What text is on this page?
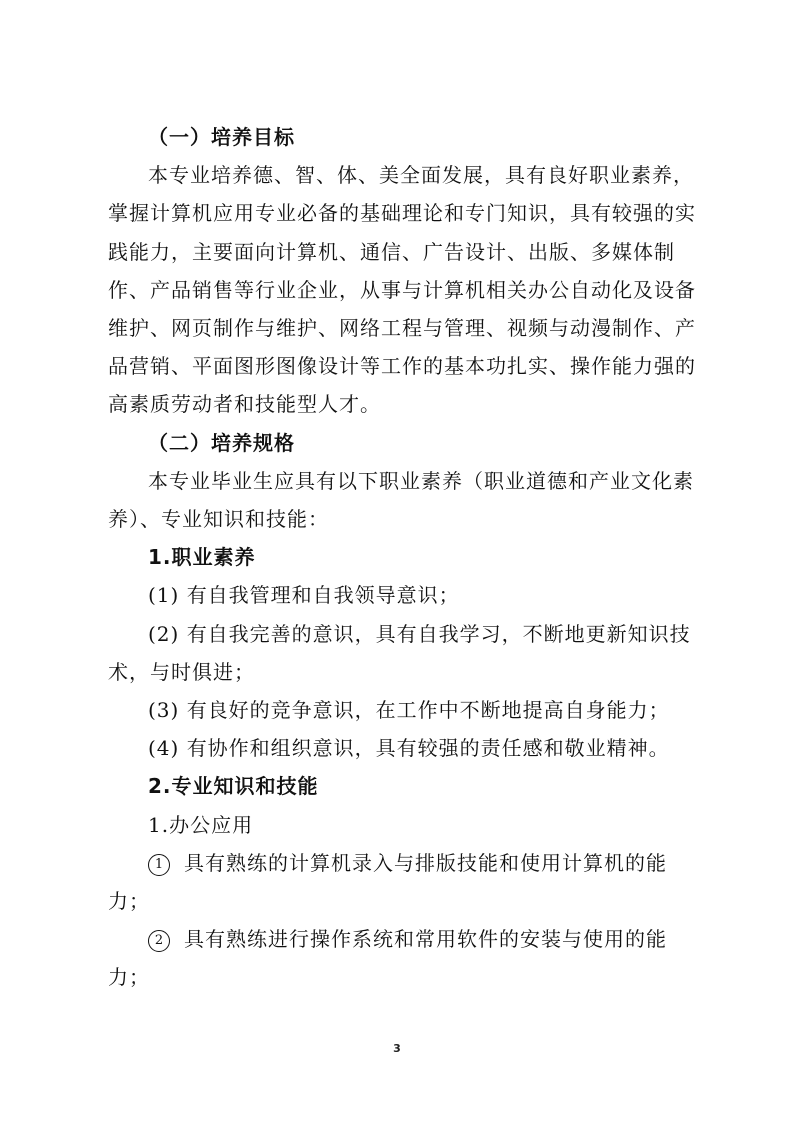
（一）培养目标

本专业培养德、智、体、美全面发展，具有良好职业素养，掌握计算机应用专业必备的基础理论和专门知识，具有较强的实践能力，主要面向计算机、通信、广告设计、出版、多媒体制作、产品销售等行业企业，从事与计算机相关办公自动化及设备维护、网页制作与维护、网络工程与管理、视频与动漫制作、产品营销、平面图形图像设计等工作的基本功扎实、操作能力强的高素质劳动者和技能型人才。

（二）培养规格

本专业毕业生应具有以下职业素养（职业道德和产业文化素养）、专业知识和技能：

1.职业素养

(1) 有自我管理和自我领导意识；

(2) 有自我完善的意识，具有自我学习，不断地更新知识技术，与时俱进；

(3) 有良好的竞争意识，在工作中不断地提高自身能力；

(4) 有协作和组织意识，具有较强的责任感和敬业精神。

2.专业知识和技能

1.办公应用

1 具有熟练的计算机录入与排版技能和使用计算机的能力；

2 具有熟练进行操作系统和常用软件的安装与使用的能力；

3
